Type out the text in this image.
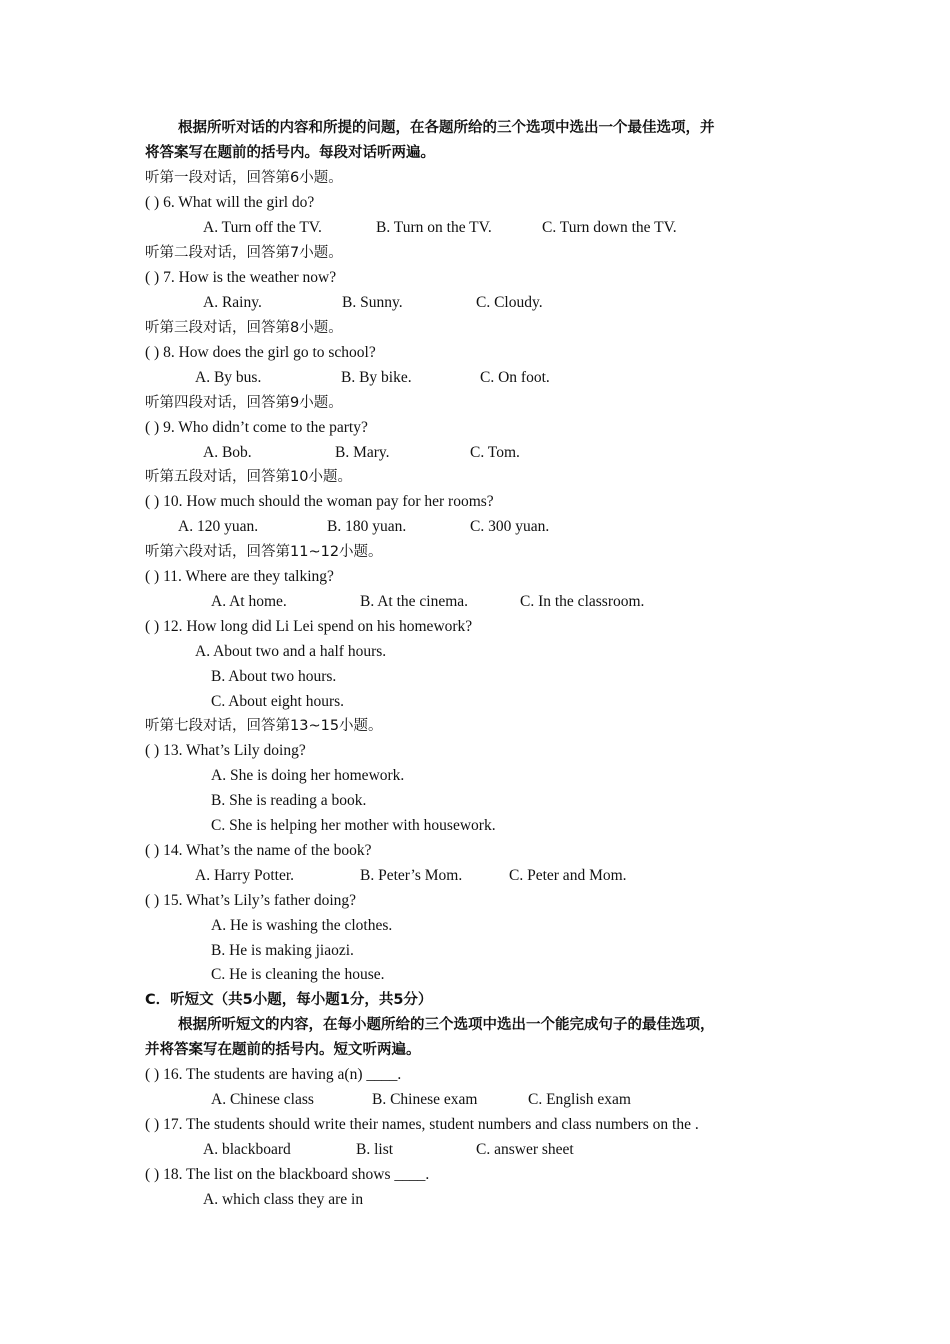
根据所听对话的内容和所提的问题，在各题所给的三个选项中选出一个最佳选项，并
将答案写在题前的括号内。每段对话听两遍。
听第一段对话，回答第6小题。
( ) 6. What will the girl do?
A. Turn off the TV.	B. Turn on the TV.	C. Turn down the TV.
听第二段对话，回答第7小题。
( ) 7. How is the weather now?
A. Rainy.	B. Sunny.	C. Cloudy.
听第三段对话，回答第8小题。
( ) 8. How does the girl go to school?
A. By bus.	B. By bike.	C. On foot.
听第四段对话，回答第9小题。
( ) 9. Who didn’t come to the party?
A. Bob.	B. Mary.	C. Tom.
听第五段对话，回答第10小题。
( ) 10. How much should the woman pay for her rooms?
A. 120 yuan.	B. 180 yuan.	C. 300 yuan.
听第六段对话，回答第11~12小题。
( ) 11. Where are they talking?
A. At home.	B. At the cinema.	C. In the classroom.
( ) 12. How long did Li Lei spend on his homework?
A. About two and a half hours.
B. About two hours.
C. About eight hours.
听第七段对话，回答第13~15小题。
( ) 13. What’s Lily doing?
A. She is doing her homework.
B. She is reading a book.
C. She is helping her mother with housework.
( ) 14. What’s the name of the book?
A. Harry Potter.	B. Peter’s Mom.	C. Peter and Mom.
( ) 15. What’s Lily’s father doing?
A. He is washing the clothes.
B. He is making jiaozi.
C. He is cleaning the house.
C．听短文（共5小题，每小题1分，共5分）
根据所听短文的内容，在每小题所给的三个选项中选出一个能完成句子的最佳选项，
并将答案写在题前的括号内。短文听两遍。
( ) 16. The students are having a(n) ____.
A. Chinese class	B. Chinese exam	C. English exam
( ) 17. The students should write their names, student numbers and class numbers on the .
A. blackboard	B. list	C. answer sheet
( ) 18. The list on the blackboard shows ____.
A. which class they are in
